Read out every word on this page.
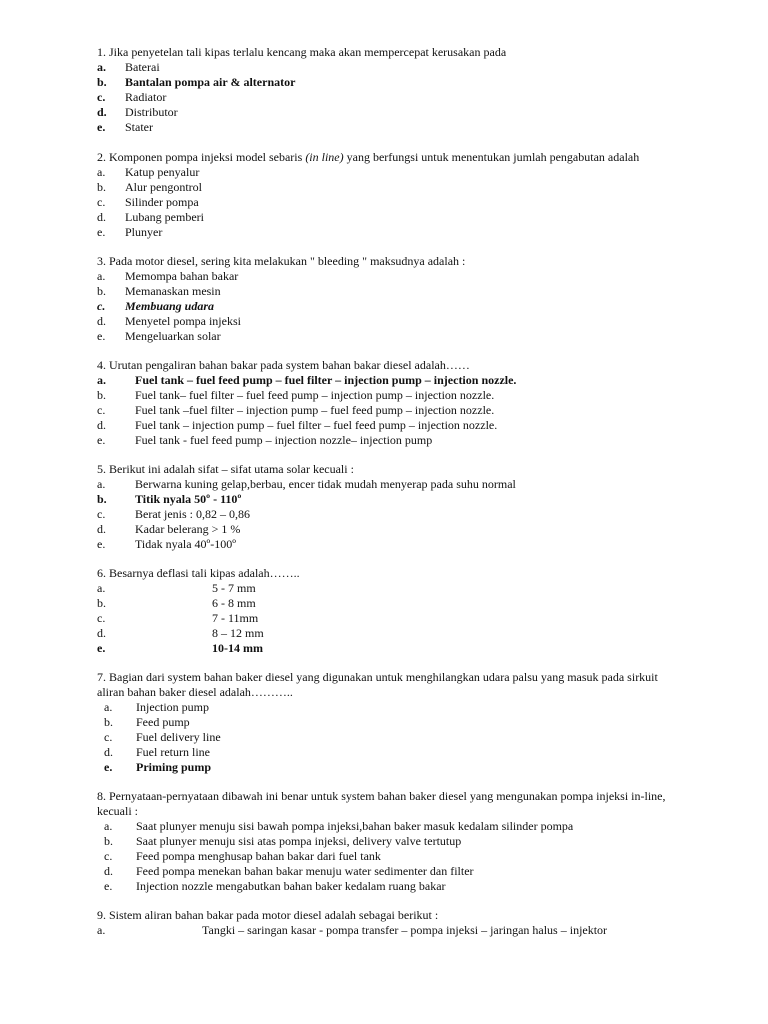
1. Jika penyetelan tali kipas terlalu kencang maka akan mempercepat kerusakan pada
a. Baterai
b. Bantalan pompa air & alternator
c. Radiator
d. Distributor
e. Stater
2. Komponen pompa injeksi model sebaris (in line) yang berfungsi untuk menentukan jumlah pengabutan adalah
a. Katup penyalur
b. Alur pengontrol
c. Silinder pompa
d. Lubang pemberi
e. Plunyer
3. Pada motor diesel, sering kita melakukan " bleeding " maksudnya adalah :
a. Memompa bahan bakar
b. Memanaskan mesin
c. Membuang udara
d. Menyetel pompa injeksi
e. Mengeluarkan solar
4. Urutan pengaliran bahan bakar pada system bahan bakar diesel adalah……
a. Fuel tank – fuel feed pump – fuel filter – injection pump – injection nozzle.
b. Fuel tank– fuel filter – fuel feed pump – injection pump – injection nozzle.
c. Fuel tank –fuel filter – injection pump – fuel feed pump – injection nozzle.
d. Fuel tank – injection pump – fuel filter – fuel feed pump – injection nozzle.
e. Fuel tank - fuel feed pump – injection nozzle– injection pump
5. Berikut ini adalah sifat – sifat utama solar kecuali :
a. Berwarna kuning gelap,berbau, encer tidak mudah menyerap pada suhu normal
b. Titik nyala 50º - 110º
c. Berat jenis : 0,82 – 0,86
d. Kadar belerang > 1 %
e. Tidak nyala 40º-100º
6. Besarnya deflasi tali kipas adalah……..
a.	5 - 7 mm
b.	6 - 8 mm
c.	7 - 11mm
d.	8 – 12 mm
e.	10-14 mm
7. Bagian dari system bahan baker diesel yang digunakan untuk menghilangkan udara palsu yang masuk pada sirkuit aliran bahan baker diesel adalah………..
a. Injection pump
b. Feed pump
c. Fuel delivery line
d. Fuel return line
e. Priming pump
8. Pernyataan-pernyataan dibawah ini benar untuk system bahan baker diesel yang mengunakan pompa injeksi in-line, kecuali :
a. Saat plunyer menuju sisi bawah pompa injeksi,bahan baker masuk kedalam silinder pompa
b. Saat plunyer menuju sisi atas pompa injeksi, delivery valve tertutup
c. Feed pompa menghusap bahan bakar dari fuel tank
d. Feed pompa menekan bahan bakar menuju water sedimenter dan filter
e. Injection nozzle mengabutkan bahan baker kedalam ruang bakar
9. Sistem aliran bahan bakar pada motor diesel adalah sebagai berikut :
a.	Tangki – saringan kasar - pompa transfer – pompa injeksi – jaringan halus – injektor
